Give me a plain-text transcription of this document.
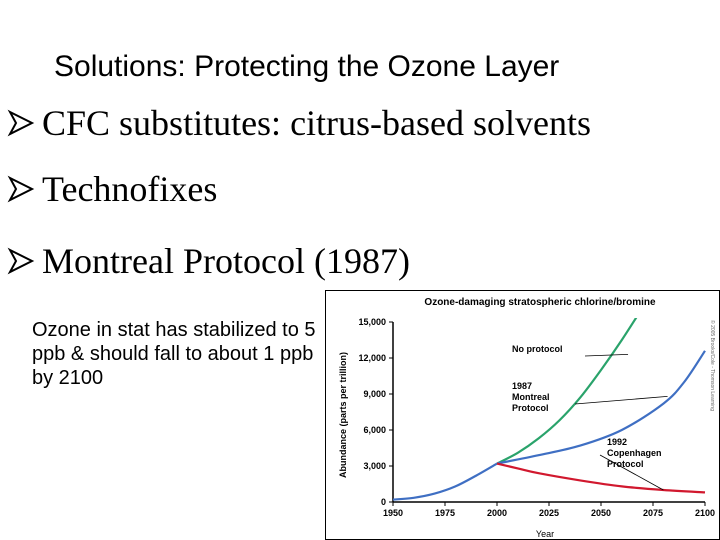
Solutions: Protecting the Ozone Layer
CFC substitutes: citrus-based solvents
Technofixes
Montreal Protocol (1987)
Ozone in stat has stabilized to 5 ppb & should fall to about 1 ppb by 2100
Ozone-damaging stratospheric chlorine/bromine
Abundance (parts per trillion)
Year
© 2005 Brooks/Cole - Thomson Learning
0
3,000
6,000
9,000
12,000
15,000
1950	1975	2000	2025	2050	2075	2100
No protocol
1987
Montreal
Protocol
1992
Copenhagen
Protocol
